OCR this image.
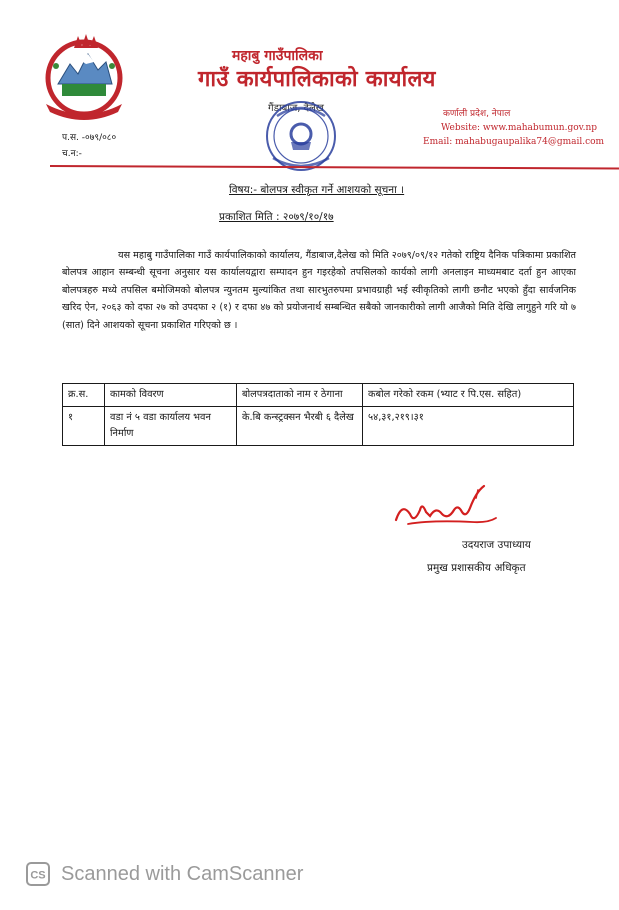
महाबु गाउँपालिका
गाउँ कार्यपालिकाको कार्यालय
गैंडाबाज, दैलेख	कर्णाली प्रदेश, नेपाल
Website: www.mahabumun.gov.np
Email: mahabugaupalika74@gmail.com
प.स. -०७९/०८०
च.न:-
विषय:- बोलपत्र स्वीकृत गर्ने आशयको सूचना ।
प्रकाशित मिति : २०७९/१०/१७

यस महाबु गाउँपालिका गाउँ कार्यपालिकाको कार्यालय, गैंडाबाज,दैलेख को मिति २०७९/०९/१२ गतेको राष्ट्रिय दैनिक पत्रिकामा प्रकाशित बोलपत्र आहान सम्बन्धी सूचना अनुसार यस कार्यालयद्वारा सम्पादन हुन गइरहेको तपसिलको कार्यको लागी अनलाइन माध्यमबाट दर्ता हुन आएका बोलपत्रहरु मध्ये तपसिल बमोजिमको बोलपत्र न्युनतम मुल्यांकित तथा सारभुतरुपमा प्रभावग्राही भई स्वीकृतिको लागी छनौट भएको हुँदा सार्वजनिक खरिद ऐन, २०६३ को दफा २७ को उपदफा २ (१) र दफा ४७ को प्रयोजनार्थ सम्बन्धित सबैको जानकारीको लागी आजैको मिति देखि लागुहुने गरि यो ७ (सात) दिने आशयको सूचना प्रकाशित गरिएको छ ।

क्र.स.	कामको विवरण	बोलपत्रदाताको नाम र ठेगाना	कबोल गरेको रकम (भ्याट र पि.एस. सहित)
१	वडा नं ५ वडा कार्यालय भवन निर्माण	के.बि कन्स्ट्रक्सन भैरबी ६ दैलेख	५४,३१,२१९।३१
उदयराज उपाध्याय
प्रमुख प्रशासकीय अधिकृत
CS Scanned with CamScanner
